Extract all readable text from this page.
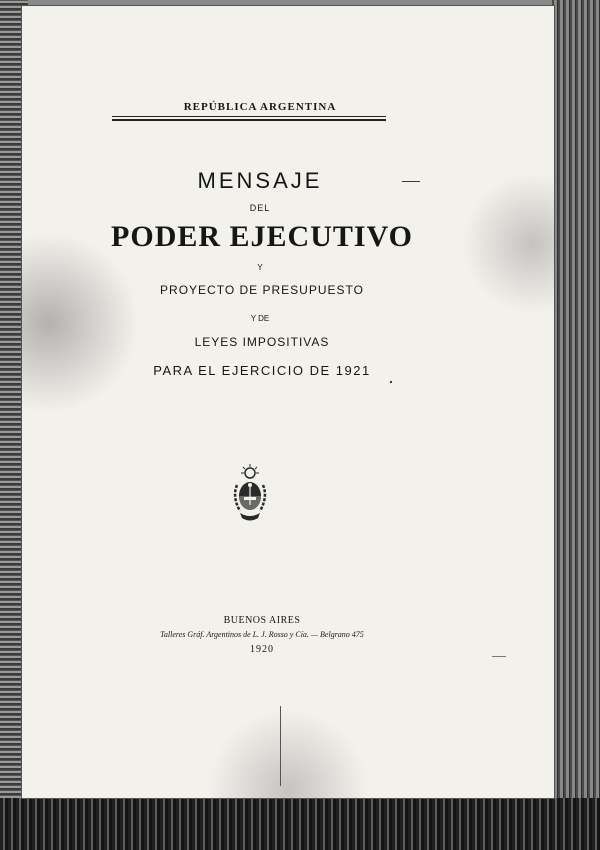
REPÚBLICA ARGENTINA
MENSAJE
DEL
PODER EJECUTIVO
Y
PROYECTO DE PRESUPUESTO
Y DE
LEYES IMPOSITIVAS
PARA EL EJERCICIO DE 1921
BUENOS AIRES
Talleres Gráf. Argentinos de L. J. Rosso y Cía. — Belgrano 475
1920
